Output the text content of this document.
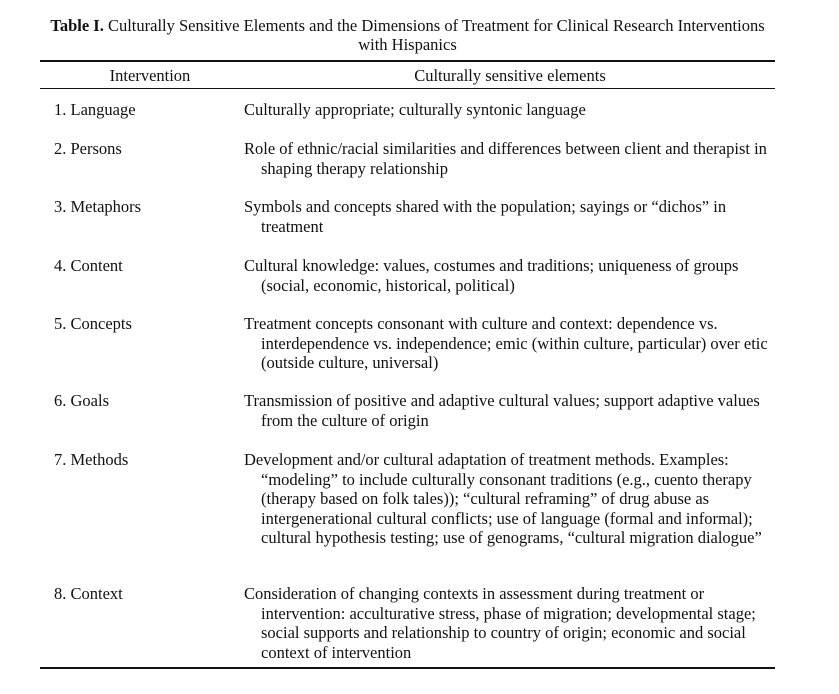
Table I. Culturally Sensitive Elements and the Dimensions of Treatment for Clinical Research Interventions with Hispanics
Intervention	Culturally sensitive elements
1. Language	Culturally appropriate; culturally syntonic language
2. Persons	Role of ethnic/racial similarities and differences between client and therapist in shaping therapy relationship
3. Metaphors	Symbols and concepts shared with the population; sayings or “dichos” in treatment
4. Content	Cultural knowledge: values, costumes and traditions; uniqueness of groups (social, economic, historical, political)
5. Concepts	Treatment concepts consonant with culture and context: dependence vs. interdependence vs. independence; emic (within culture, particular) over etic (outside culture, universal)
6. Goals	Transmission of positive and adaptive cultural values; support adaptive values from the culture of origin
7. Methods	Development and/or cultural adaptation of treatment methods. Examples: “modeling” to include culturally consonant traditions (e.g., cuento therapy (therapy based on folk tales)); “cultural reframing” of drug abuse as intergenerational cultural conflicts; use of language (formal and informal); cultural hypothesis testing; use of genograms, “cultural migration dialogue”
8. Context	Consideration of changing contexts in assessment during treatment or intervention: acculturative stress, phase of migration; developmental stage; social supports and relationship to country of origin; economic and social context of intervention
